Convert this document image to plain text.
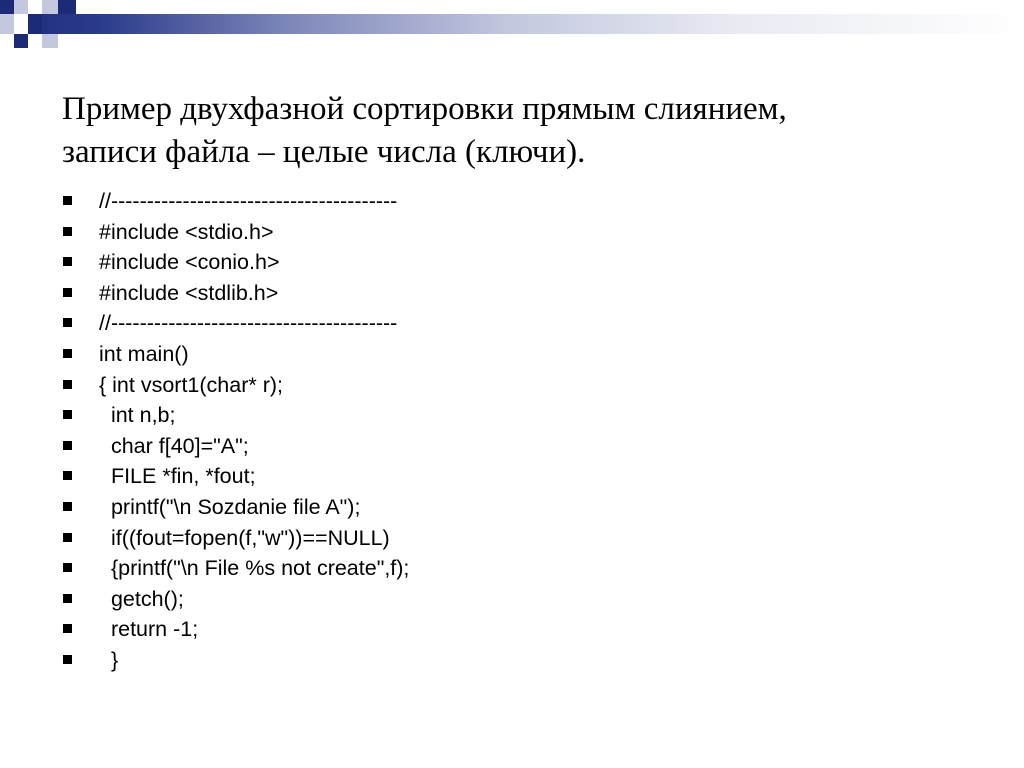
Пример двухфазной сортировки прямым слиянием,
записи файла – целые числа (ключи).
//----------------------------------------
#include <stdio.h>
#include <conio.h>
#include <stdlib.h>
//----------------------------------------
int main()
{ int vsort1(char* r);
int n,b;
char f[40]="A";
FILE *fin, *fout;
printf("\n Sozdanie file A");
if((fout=fopen(f,"w"))==NULL)
{printf("\n File %s not create",f);
getch();
return -1;
}
